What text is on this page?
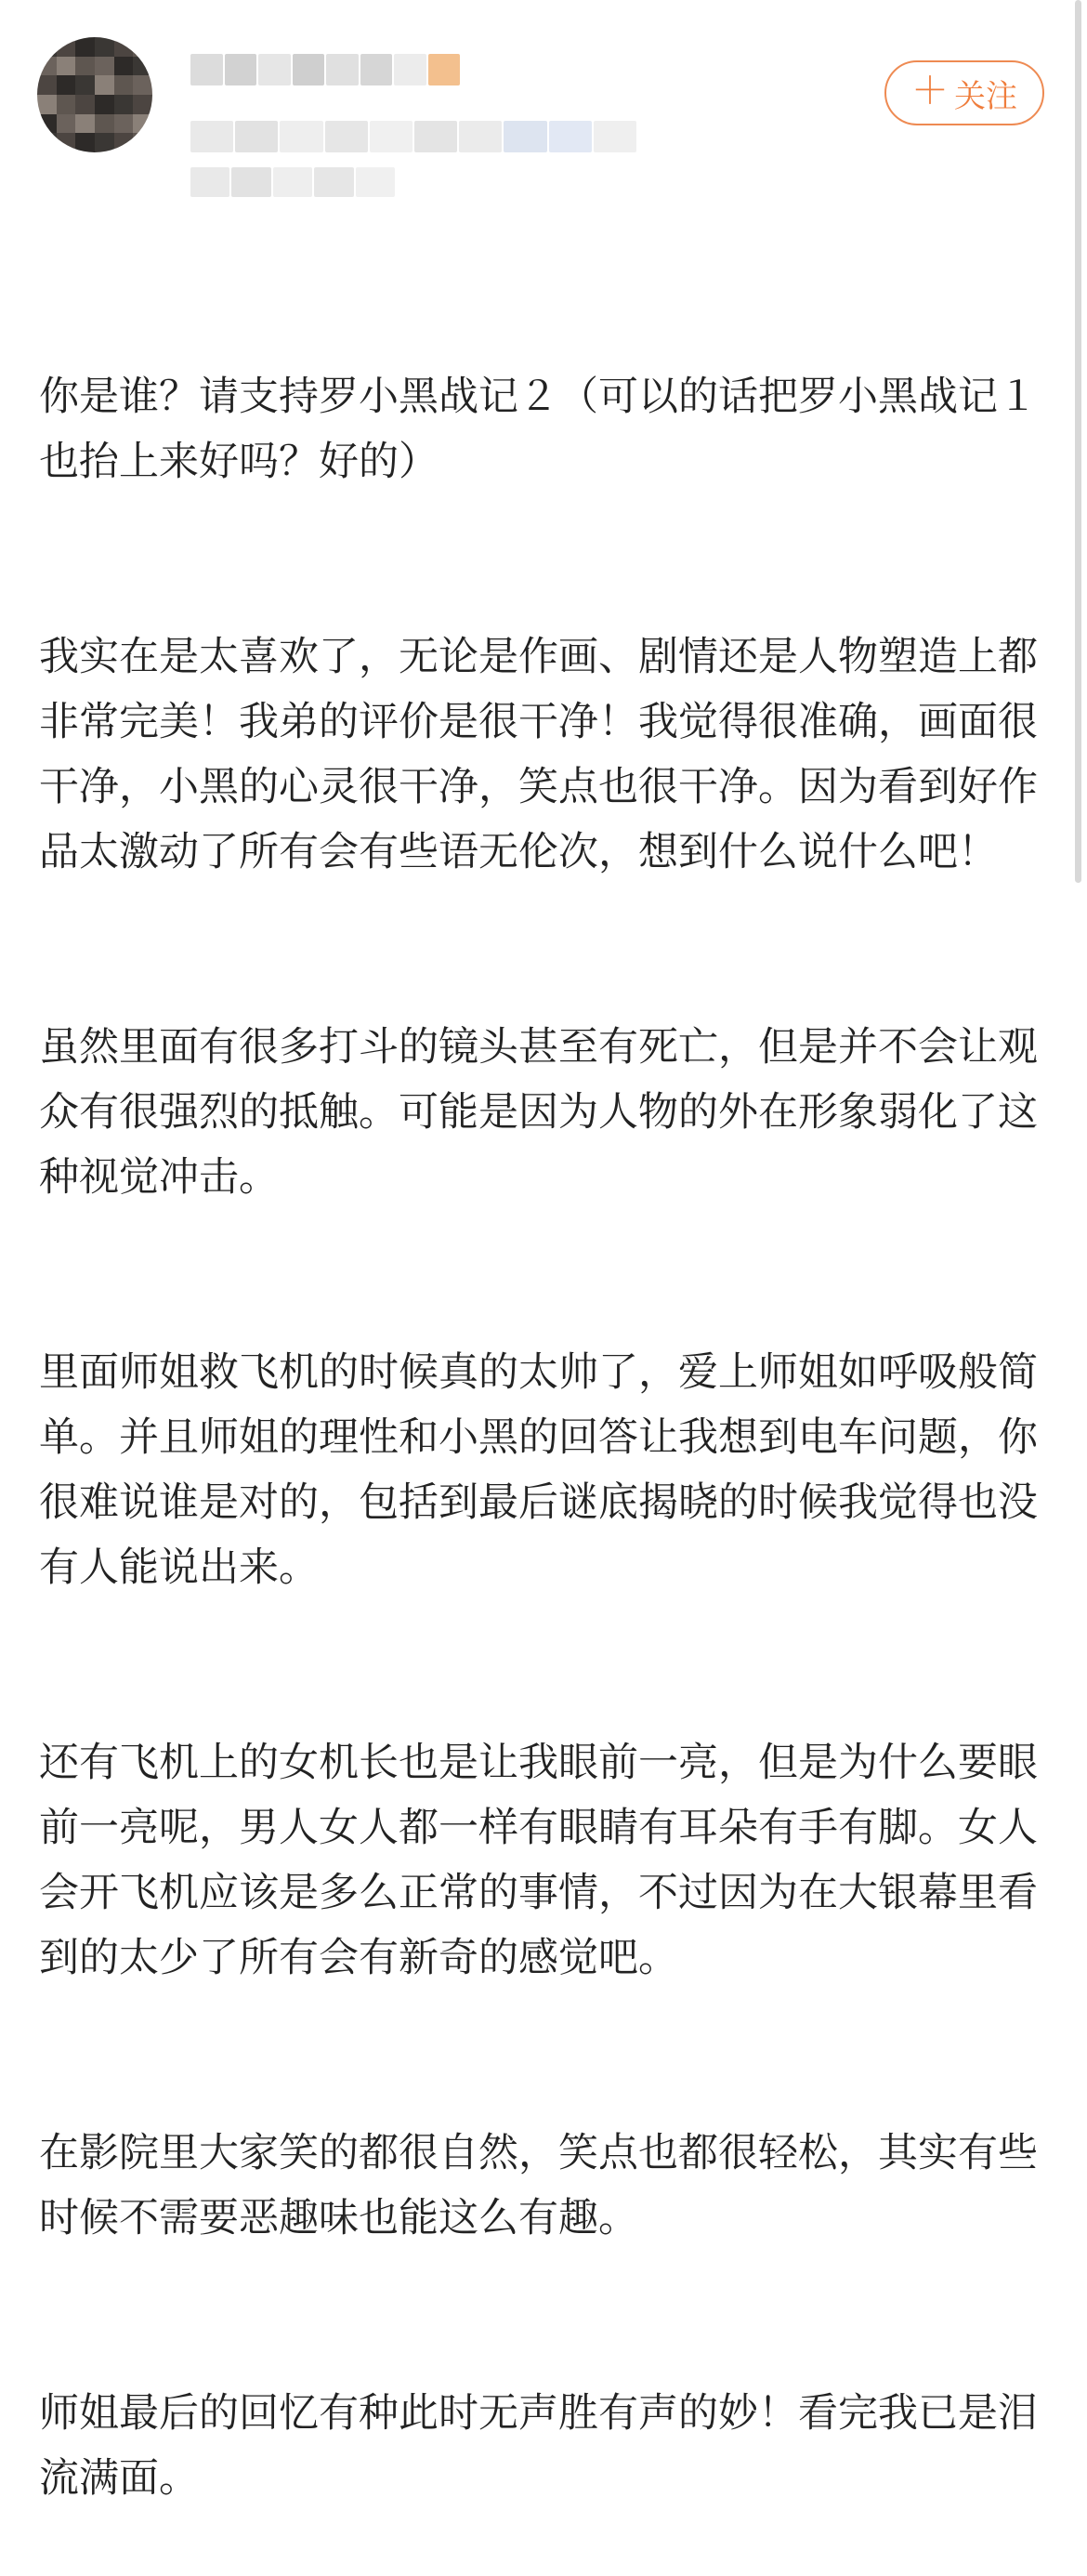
＋ 关注

你是谁？请支持罗小黑战记２（可以的话把罗小黑战记１也抬上来好吗？好的）

我实在是太喜欢了，无论是作画、剧情还是人物塑造上都非常完美！我弟的评价是很干净！我觉得很准确，画面很干净，小黑的心灵很干净，笑点也很干净。因为看到好作品太激动了所有会有些语无伦次，想到什么说什么吧！

虽然里面有很多打斗的镜头甚至有死亡，但是并不会让观众有很强烈的抵触。可能是因为人物的外在形象弱化了这种视觉冲击。

里面师姐救飞机的时候真的太帅了，爱上师姐如呼吸般简单。并且师姐的理性和小黑的回答让我想到电车问题，你很难说谁是对的，包括到最后谜底揭晓的时候我觉得也没有人能说出来。

还有飞机上的女机长也是让我眼前一亮，但是为什么要眼前一亮呢，男人女人都一样有眼睛有耳朵有手有脚。女人会开飞机应该是多么正常的事情，不过因为在大银幕里看到的太少了所有会有新奇的感觉吧。

在影院里大家笑的都很自然，笑点也都很轻松，其实有些时候不需要恶趣味也能这么有趣。

师姐最后的回忆有种此时无声胜有声的妙！看完我已是泪流满面。
